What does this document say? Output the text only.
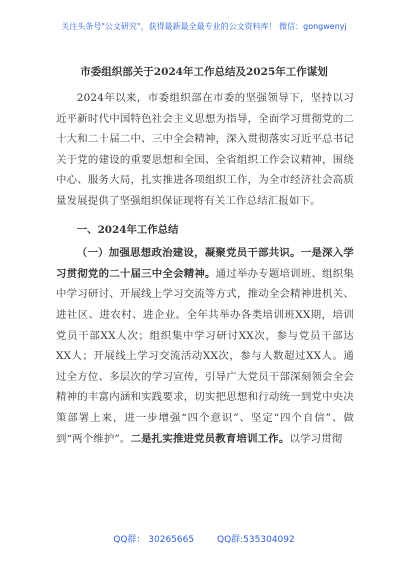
关注头条号"公文研究"，获得最新最全最专业的公文资料库！ 微信：gongwenyj
市委组织部关于2024年工作总结及2025年工作谋划

2024年以来，市委组织部在市委的坚强领导下，坚持以习近平新时代中国特色社会主义思想为指导，全面学习贯彻党的二十大和二十届二中、三中全会精神，深入贯彻落实习近平总书记关于党的建设的重要思想和全国、全省组织工作会议精神，围绕中心、服务大局，扎实推进各项组织工作，为全市经济社会高质量发展提供了坚强组织保证现将有关工作总结汇报如下。

一、2024年工作总结

（一）加强思想政治建设，凝聚党员干部共识。一是深入学习贯彻党的二十届三中全会精神。通过举办专题培训班、组织集中学习研讨、开展线上学习交流等方式，推动全会精神进机关、进社区、进农村、进企业。全年共举办各类培训班XX期，培训党员干部XX人次；组织集中学习研讨XX次，参与党员干部达XX人；开展线上学习交流活动XX次，参与人数超过XX人。通过全方位、多层次的学习宣传，引导广大党员干部深刻领会全会精神的丰富内涵和实践要求，切实把思想和行动统一到党中央决策部署上来，进一步增强“四个意识”、坚定“四个自信”、做到“两个维护”。二是扎实推进党员教育培训工作。以学习贯彻

QQ群： 30265665	QQ群:535304092
